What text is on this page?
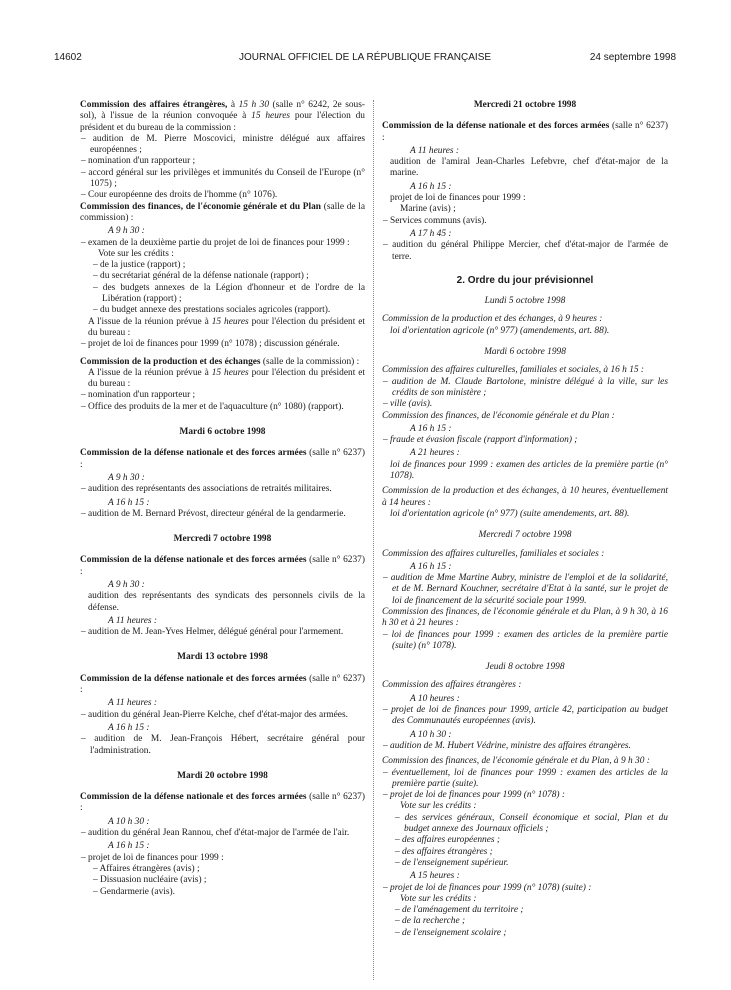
14602	JOURNAL OFFICIEL DE LA RÉPUBLIQUE FRANÇAISE	24 septembre 1998

Commission des affaires étrangères, à 15 h 30 (salle n° 6242, 2e sous-sol), à l'issue de la réunion convoquée à 15 heures pour l'élection du président et du bureau de la commission :

– audition de M. Pierre Moscovici, ministre délégué aux affaires européennes ;

– nomination d'un rapporteur ;

– accord général sur les privilèges et immunités du Conseil de l'Europe (n° 1075) ;

– Cour européenne des droits de l'homme (n° 1076).

Commission des finances, de l'économie générale et du Plan (salle de la commission) :

A 9 h 30 :

– examen de la deuxième partie du projet de loi de finances pour 1999 :

Vote sur les crédits :

– de la justice (rapport) ;

– du secrétariat général de la défense nationale (rapport) ;

– des budgets annexes de la Légion d'honneur et de l'ordre de la Libération (rapport) ;

– du budget annexe des prestations sociales agricoles (rapport).

A l'issue de la réunion prévue à 15 heures pour l'élection du président et du bureau :

– projet de loi de finances pour 1999 (n° 1078) ; discussion générale.

Commission de la production et des échanges (salle de la commission) :

A l'issue de la réunion prévue à 15 heures pour l'élection du président et du bureau :

– nomination d'un rapporteur ;

– Office des produits de la mer et de l'aquaculture (n° 1080) (rapport).

Mardi 6 octobre 1998

Commission de la défense nationale et des forces armées (salle n° 6237) :

A 9 h 30 :

– audition des représentants des associations de retraités militaires.

A 16 h 15 :

– audition de M. Bernard Prévost, directeur général de la gendarmerie.

Mercredi 7 octobre 1998

Commission de la défense nationale et des forces armées (salle n° 6237) :

A 9 h 30 :

audition des représentants des syndicats des personnels civils de la défense.

A 11 heures :

– audition de M. Jean-Yves Helmer, délégué général pour l'armement.

Mardi 13 octobre 1998

Commission de la défense nationale et des forces armées (salle n° 6237) :

A 11 heures :

– audition du général Jean-Pierre Kelche, chef d'état-major des armées.

A 16 h 15 :

– audition de M. Jean-François Hébert, secrétaire général pour l'administration.

Mardi 20 octobre 1998

Commission de la défense nationale et des forces armées (salle n° 6237) :

A 10 h 30 :

– audition du général Jean Rannou, chef d'état-major de l'armée de l'air.

A 16 h 15 :

– projet de loi de finances pour 1999 :

– Affaires étrangères (avis) ;

– Dissuasion nucléaire (avis) ;

– Gendarmerie (avis).

Mercredi 21 octobre 1998

Commission de la défense nationale et des forces armées (salle n° 6237) :

A 11 heures :

audition de l'amiral Jean-Charles Lefebvre, chef d'état-major de la marine.

A 16 h 15 :

projet de loi de finances pour 1999 :

Marine (avis) ;

– Services communs (avis).

A 17 h 45 :

– audition du général Philippe Mercier, chef d'état-major de l'armée de terre.

2. Ordre du jour prévisionnel

Lundi 5 octobre 1998

Commission de la production et des échanges, à 9 heures :

loi d'orientation agricole (n° 977) (amendements, art. 88).

Mardi 6 octobre 1998

Commission des affaires culturelles, familiales et sociales, à 16 h 15 :

– audition de M. Claude Bartolone, ministre délégué à la ville, sur les crédits de son ministère ;

– ville (avis).

Commission des finances, de l'économie générale et du Plan :

A 16 h 15 :

– fraude et évasion fiscale (rapport d'information) ;

A 21 heures :

loi de finances pour 1999 : examen des articles de la première partie (n° 1078).

Commission de la production et des échanges, à 10 heures, éventuellement à 14 heures :

loi d'orientation agricole (n° 977) (suite amendements, art. 88).

Mercredi 7 octobre 1998

Commission des affaires culturelles, familiales et sociales :

A 16 h 15 :

– audition de Mme Martine Aubry, ministre de l'emploi et de la solidarité, et de M. Bernard Kouchner, secrétaire d'Etat à la santé, sur le projet de loi de financement de la sécurité sociale pour 1999.

Commission des finances, de l'économie générale et du Plan, à 9 h 30, à 16 h 30 et à 21 heures :

– loi de finances pour 1999 : examen des articles de la première partie (suite) (n° 1078).

Jeudi 8 octobre 1998

Commission des affaires étrangères :

A 10 heures :

– projet de loi de finances pour 1999, article 42, participation au budget des Communautés européennes (avis).

A 10 h 30 :

– audition de M. Hubert Védrine, ministre des affaires étrangères.

Commission des finances, de l'économie générale et du Plan, à 9 h 30 :

– éventuellement, loi de finances pour 1999 : examen des articles de la première partie (suite).

– projet de loi de finances pour 1999 (n° 1078) :

Vote sur les crédits :

– des services généraux, Conseil économique et social, Plan et du budget annexe des Journaux officiels ;

– des affaires européennes ;

– des affaires étrangères ;

– de l'enseignement supérieur.

A 15 heures :

– projet de loi de finances pour 1999 (n° 1078) (suite) :

Vote sur les crédits :

– de l'aménagement du territoire ;

– de la recherche ;

– de l'enseignement scolaire ;
